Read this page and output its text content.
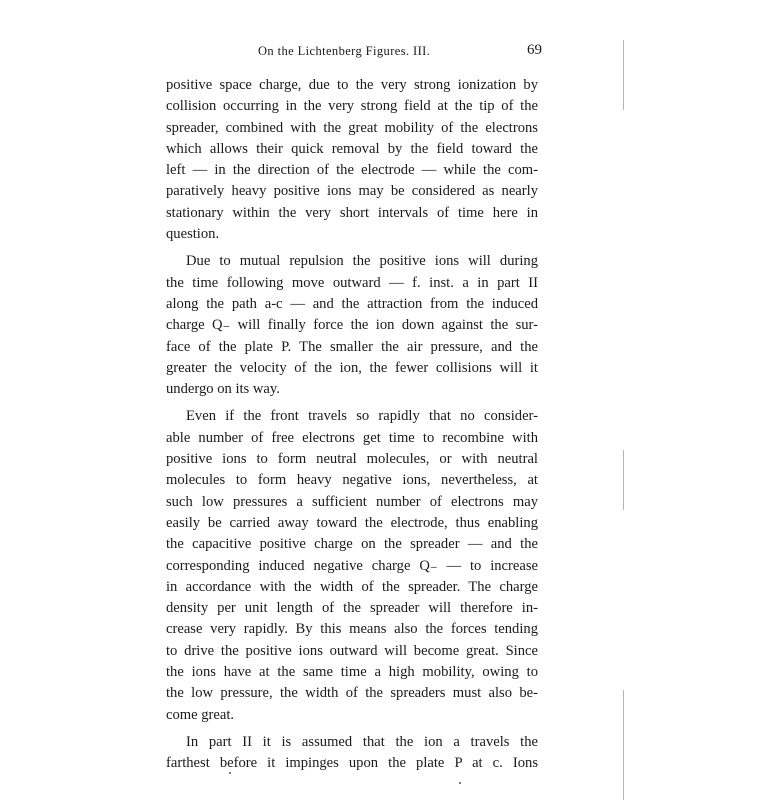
On the Lichtenberg Figures. III.	69
positive space charge, due to the very strong ionization by
collision occurring in the very strong field at the tip of the
spreader, combined with the great mobility of the electrons
which allows their quick removal by the field toward the
left — in the direction of the electrode — while the com-
paratively heavy positive ions may be considered as nearly
stationary within the very short intervals of time here in
question.
Due to mutual repulsion the positive ions will during
the time following move outward — f. inst. a in part II
along the path a-c — and the attraction from the induced
charge Q₋ will finally force the ion down against the sur-
face of the plate P. The smaller the air pressure, and the
greater the velocity of the ion, the fewer collisions will it
undergo on its way.
Even if the front travels so rapidly that no consider-
able number of free electrons get time to recombine with
positive ions to form neutral molecules, or with neutral
molecules to form heavy negative ions, nevertheless, at
such low pressures a sufficient number of electrons may
easily be carried away toward the electrode, thus enabling
the capacitive positive charge on the spreader — and the
corresponding induced negative charge Q₋ — to increase
in accordance with the width of the spreader. The charge
density per unit length of the spreader will therefore in-
crease very rapidly. By this means also the forces tending
to drive the positive ions outward will become great. Since
the ions have at the same time a high mobility, owing to
the low pressure, the width of the spreaders must also be-
come great.
In part II it is assumed that the ion a travels the
farthest before it impinges upon the plate P at c. Ions
